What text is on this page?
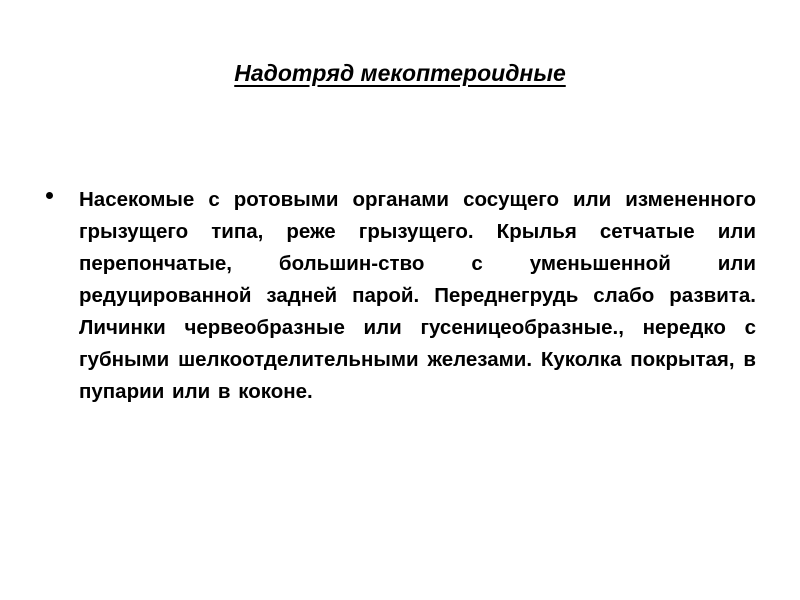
Надотряд мекоптероидные
Насекомые с ротовыми органами сосущего или измененного грызущего типа, реже грызущего. Крылья сетчатые или перепончатые, большин-ство с уменьшенной или редуцированной задней парой. Переднегрудь слабо развита. Личинки червеобразные или гусеницеобразные., нередко с губными шелкоотделительными железами. Куколка покрытая, в пупарии или в коконе.
